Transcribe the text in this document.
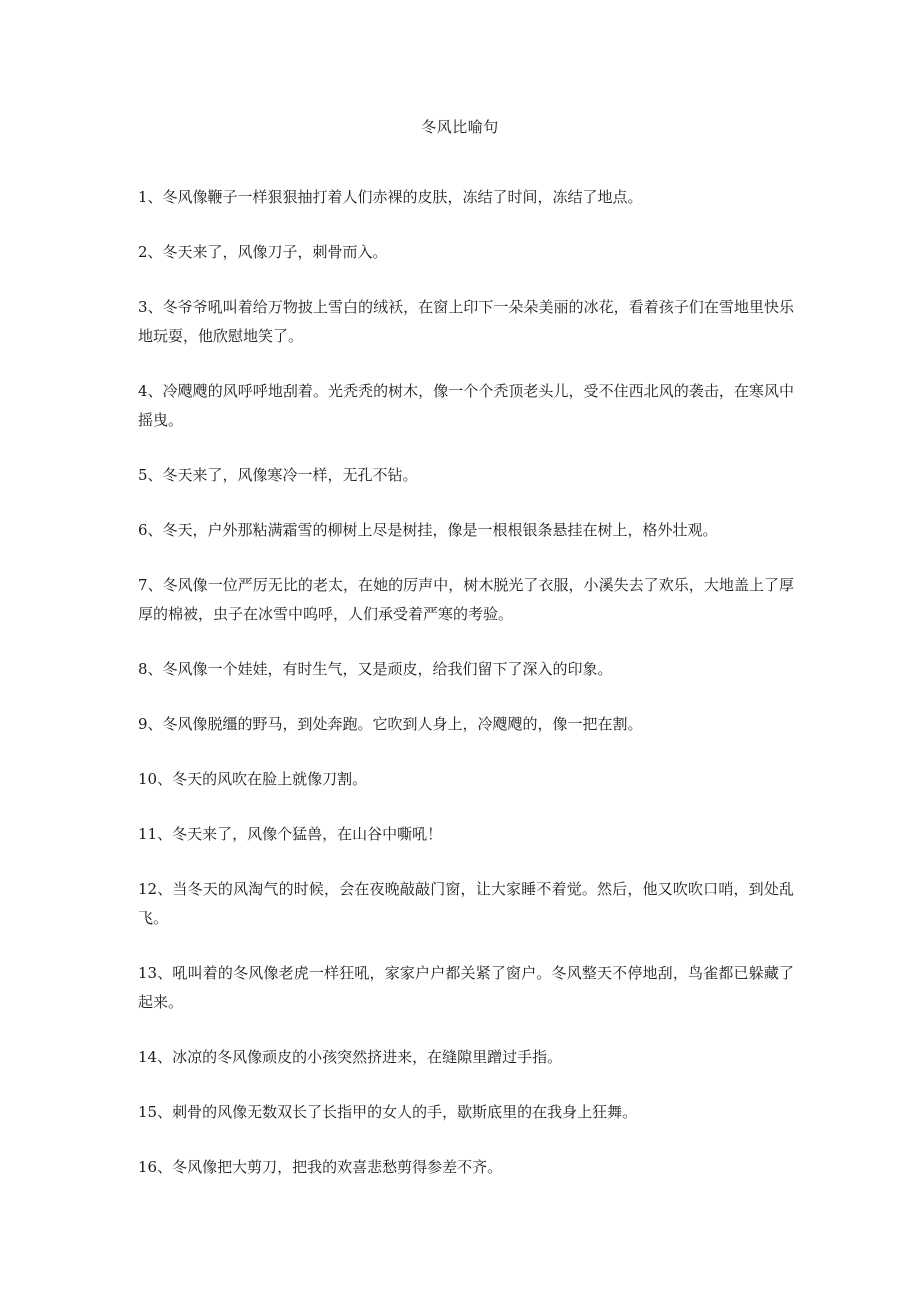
冬风比喻句
1、冬风像鞭子一样狠狠抽打着人们赤裸的皮肤，冻结了时间，冻结了地点。
2、冬天来了，风像刀子，刺骨而入。
3、冬爷爷吼叫着给万物披上雪白的绒袄，在窗上印下一朵朵美丽的冰花，看着孩子们在雪地里快乐地玩耍，他欣慰地笑了。
4、冷飕飕的风呼呼地刮着。光秃秃的树木，像一个个秃顶老头儿，受不住西北风的袭击，在寒风中摇曳。
5、冬天来了，风像寒冷一样，无孔不钻。
6、冬天，户外那粘满霜雪的柳树上尽是树挂，像是一根根银条悬挂在树上，格外壮观。
7、冬风像一位严厉无比的老太，在她的厉声中，树木脱光了衣服，小溪失去了欢乐，大地盖上了厚厚的棉被，虫子在冰雪中呜呼，人们承受着严寒的考验。
8、冬风像一个娃娃，有时生气，又是顽皮，给我们留下了深入的印象。
9、冬风像脱缰的野马，到处奔跑。它吹到人身上，冷飕飕的，像一把在割。
10、冬天的风吹在脸上就像刀割。
11、冬天来了，风像个猛兽，在山谷中嘶吼！
12、当冬天的风淘气的时候，会在夜晚敲敲门窗，让大家睡不着觉。然后，他又吹吹口哨，到处乱飞。
13、吼叫着的冬风像老虎一样狂吼，家家户户都关紧了窗户。冬风整天不停地刮，鸟雀都已躲藏了起来。
14、冰凉的冬风像顽皮的小孩突然挤进来，在缝隙里蹭过手指。
15、刺骨的风像无数双长了长指甲的女人的手，歇斯底里的在我身上狂舞。
16、冬风像把大剪刀，把我的欢喜悲愁剪得参差不齐。
